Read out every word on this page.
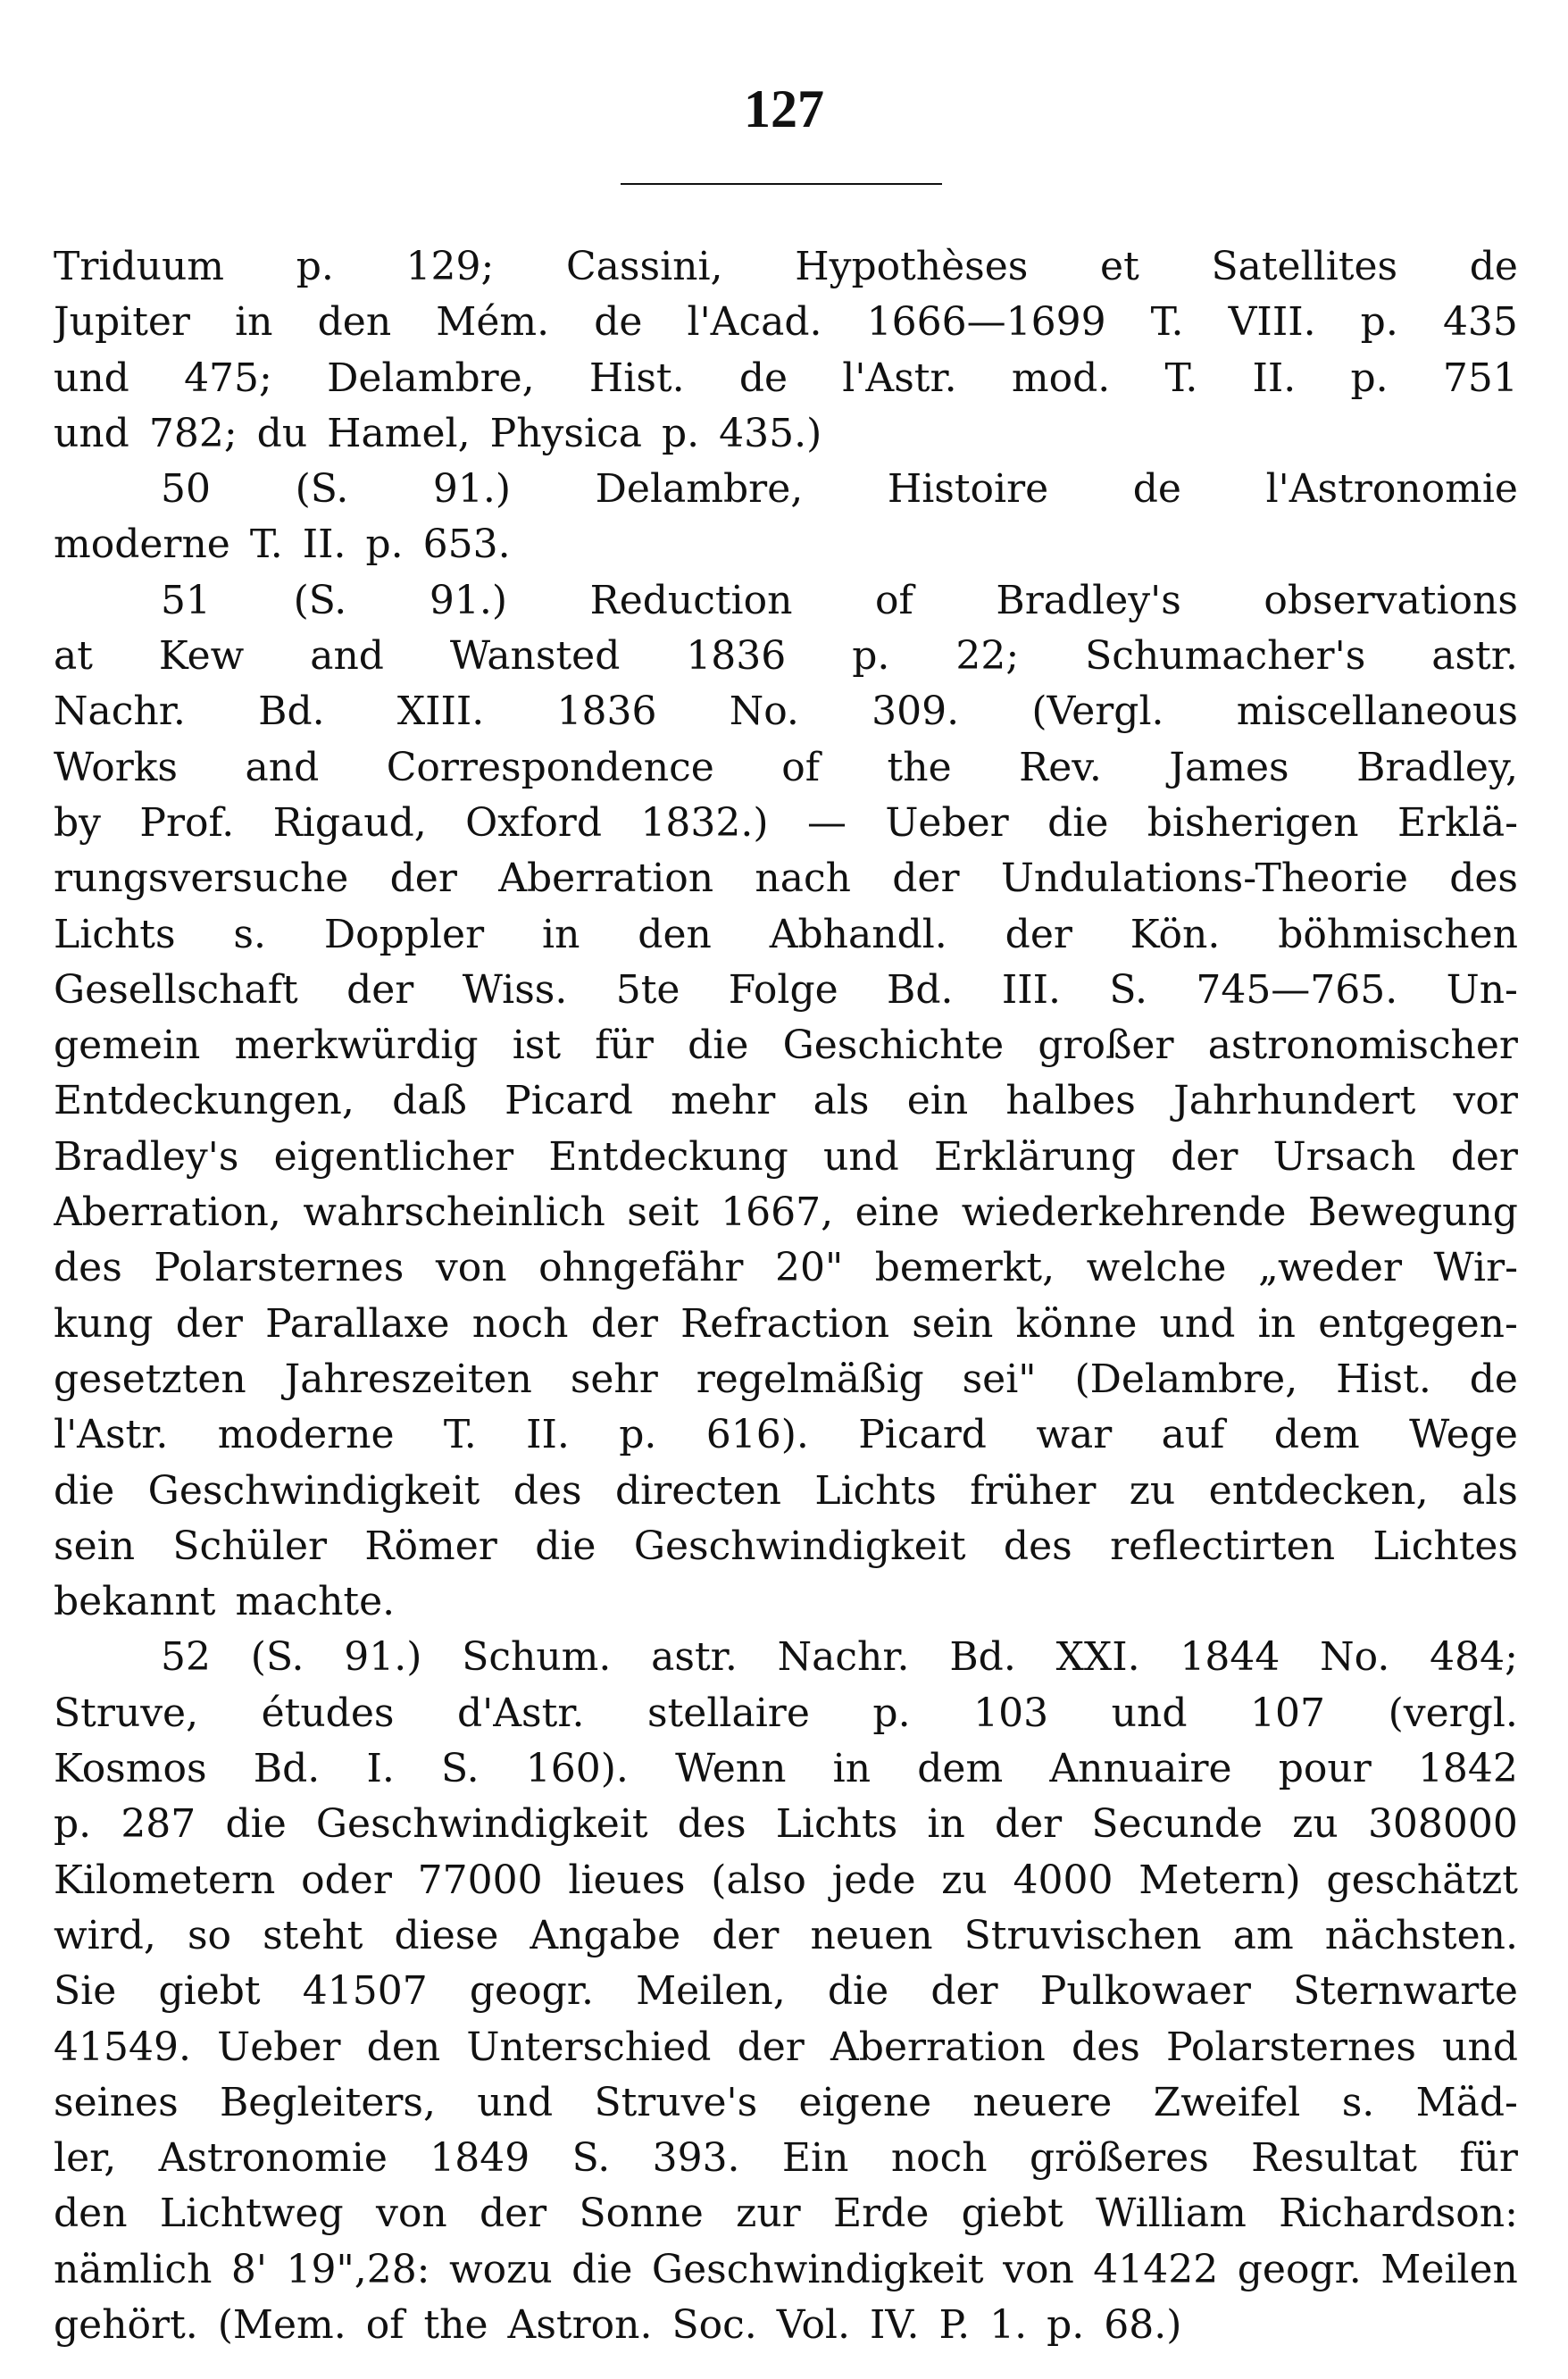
127
Triduum p. 129; Cassini, Hypothèses et Satellites de
Jupiter in den Mém. de l'Acad. 1666—1699 T. VIII. p. 435
und 475; Delambre, Hist. de l'Astr. mod. T. II. p. 751
und 782; du Hamel, Physica p. 435.)
50 (S. 91.) Delambre, Histoire de l'Astronomie
moderne T. II. p. 653.
51 (S. 91.) Reduction of Bradley's observations
at Kew and Wansted 1836 p. 22; Schumacher's astr.
Nachr. Bd. XIII. 1836 No. 309. (Vergl. miscellaneous
Works and Correspondence of the Rev. James Bradley,
by Prof. Rigaud, Oxford 1832.) — Ueber die bisherigen Erklä-
rungsversuche der Aberration nach der Undulations-Theorie des
Lichts s. Doppler in den Abhandl. der Kön. böhmischen
Gesellschaft der Wiss. 5te Folge Bd. III. S. 745—765. Un-
gemein merkwürdig ist für die Geschichte großer astronomischer
Entdeckungen, daß Picard mehr als ein halbes Jahrhundert vor
Bradley's eigentlicher Entdeckung und Erklärung der Ursach der
Aberration, wahrscheinlich seit 1667, eine wiederkehrende Bewegung
des Polarsternes von ohngefähr 20" bemerkt, welche „weder Wir-
kung der Parallaxe noch der Refraction sein könne und in entgegen-
gesetzten Jahreszeiten sehr regelmäßig sei" (Delambre, Hist. de
l'Astr. moderne T. II. p. 616). Picard war auf dem Wege
die Geschwindigkeit des directen Lichts früher zu entdecken, als
sein Schüler Römer die Geschwindigkeit des reflectirten Lichtes
bekannt machte.
52 (S. 91.) Schum. astr. Nachr. Bd. XXI. 1844 No. 484;
Struve, études d'Astr. stellaire p. 103 und 107 (vergl.
Kosmos Bd. I. S. 160). Wenn in dem Annuaire pour 1842
p. 287 die Geschwindigkeit des Lichts in der Secunde zu 308000
Kilometern oder 77000 lieues (also jede zu 4000 Metern) geschätzt
wird, so steht diese Angabe der neuen Struvischen am nächsten.
Sie giebt 41507 geogr. Meilen, die der Pulkowaer Sternwarte
41549. Ueber den Unterschied der Aberration des Polarsternes und
seines Begleiters, und Struve's eigene neuere Zweifel s. Mäd-
ler, Astronomie 1849 S. 393. Ein noch größeres Resultat für
den Lichtweg von der Sonne zur Erde giebt William Richardson:
nämlich 8' 19",28: wozu die Geschwindigkeit von 41422 geogr. Meilen
gehört. (Mem. of the Astron. Soc. Vol. IV. P. 1. p. 68.)
